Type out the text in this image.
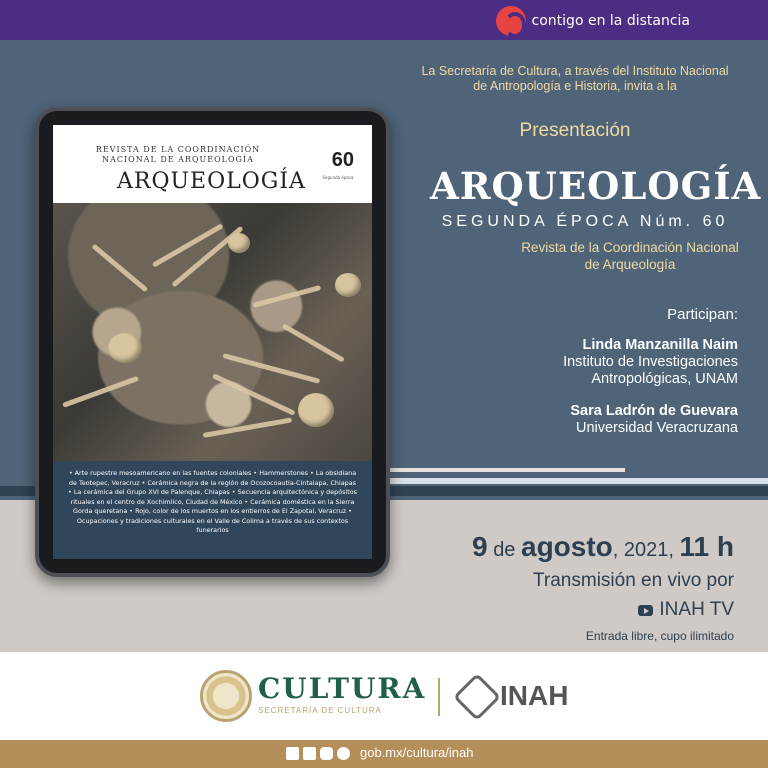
contigo en la distancia
REVISTA DE LA COORDINACIÓN
NACIONAL DE ARQUEOLOGÍA
ARQUEOLOGÍA
60
Segunda época
• Arte rupestre mesoamericano en las fuentes coloniales • Hammerstones • La obsidiana de Teotepec, Veracruz • Cerámica negra de la región de Ocozocoautla-Cintalapa, Chiapas • La cerámica del Grupo XVI de Palenque, Chiapas • Secuencia arquitectónica y depósitos rituales en el centro de Xochimilco, Ciudad de México • Cerámica doméstica en la Sierra Gorda queretana • Rojo, color de los muertos en los entierros de El Zapotal, Veracruz • Ocupaciones y tradiciones culturales en el Valle de Colima a través de sus contextos funerarios
La Secretaría de Cultura, a través del Instituto Nacional de Antropología e Historia, invita a la
Presentación
ARQUEOLOGÍA
SEGUNDA ÉPOCA Núm. 60
Revista de la Coordinación Nacional de Arqueología
Participan:
Linda Manzanilla Naim
Instituto de Investigaciones Antropológicas, UNAM
Sara Ladrón de Guevara
Universidad Veracruzana
9 de agosto, 2021, 11 h
Transmisión en vivo por
INAH TV
Entrada libre, cupo ilimitado
CULTURA
SECRETARÍA DE CULTURA	INAH
gob.mx/cultura/inah
